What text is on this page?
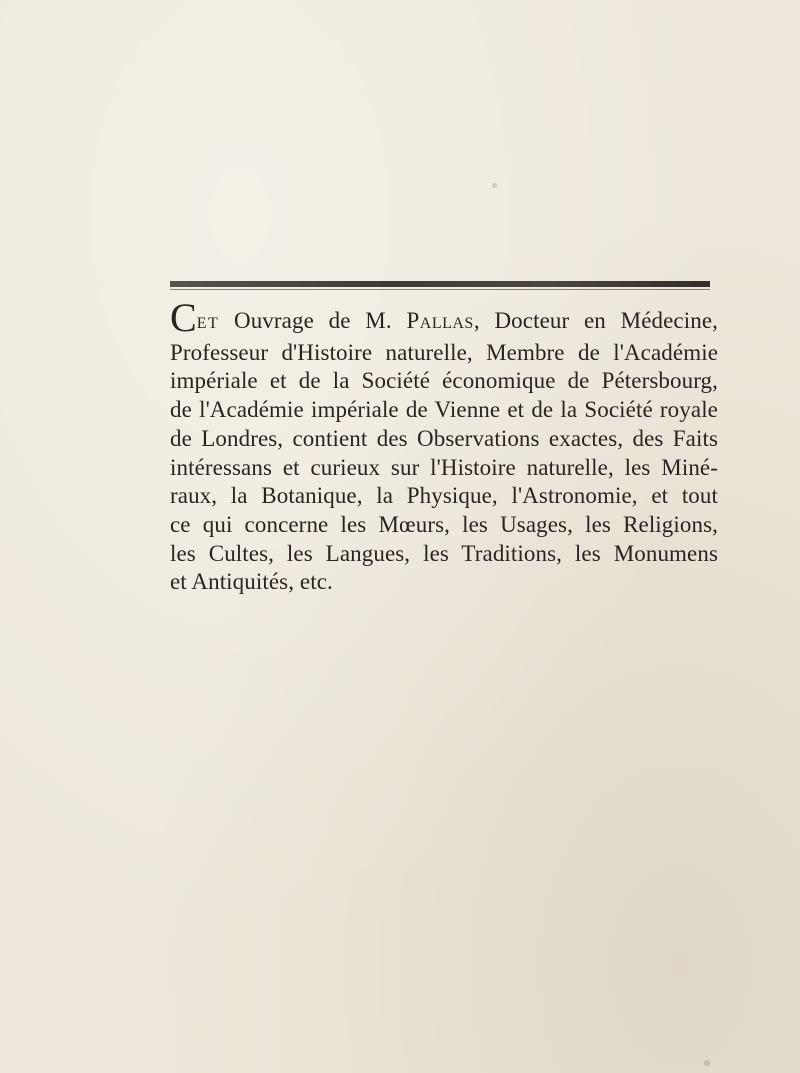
CET Ouvrage de M. Pallas, Docteur en Médecine,
Professeur d'Histoire naturelle, Membre de l'Académie
impériale et de la Société économique de Pétersbourg,
de l'Académie impériale de Vienne et de la Société royale
de Londres, contient des Observations exactes, des Faits
intéressans et curieux sur l'Histoire naturelle, les Miné-
raux, la Botanique, la Physique, l'Astronomie, et tout
ce qui concerne les Mœurs, les Usages, les Religions,
les Cultes, les Langues, les Traditions, les Monumens
et Antiquités, etc.
